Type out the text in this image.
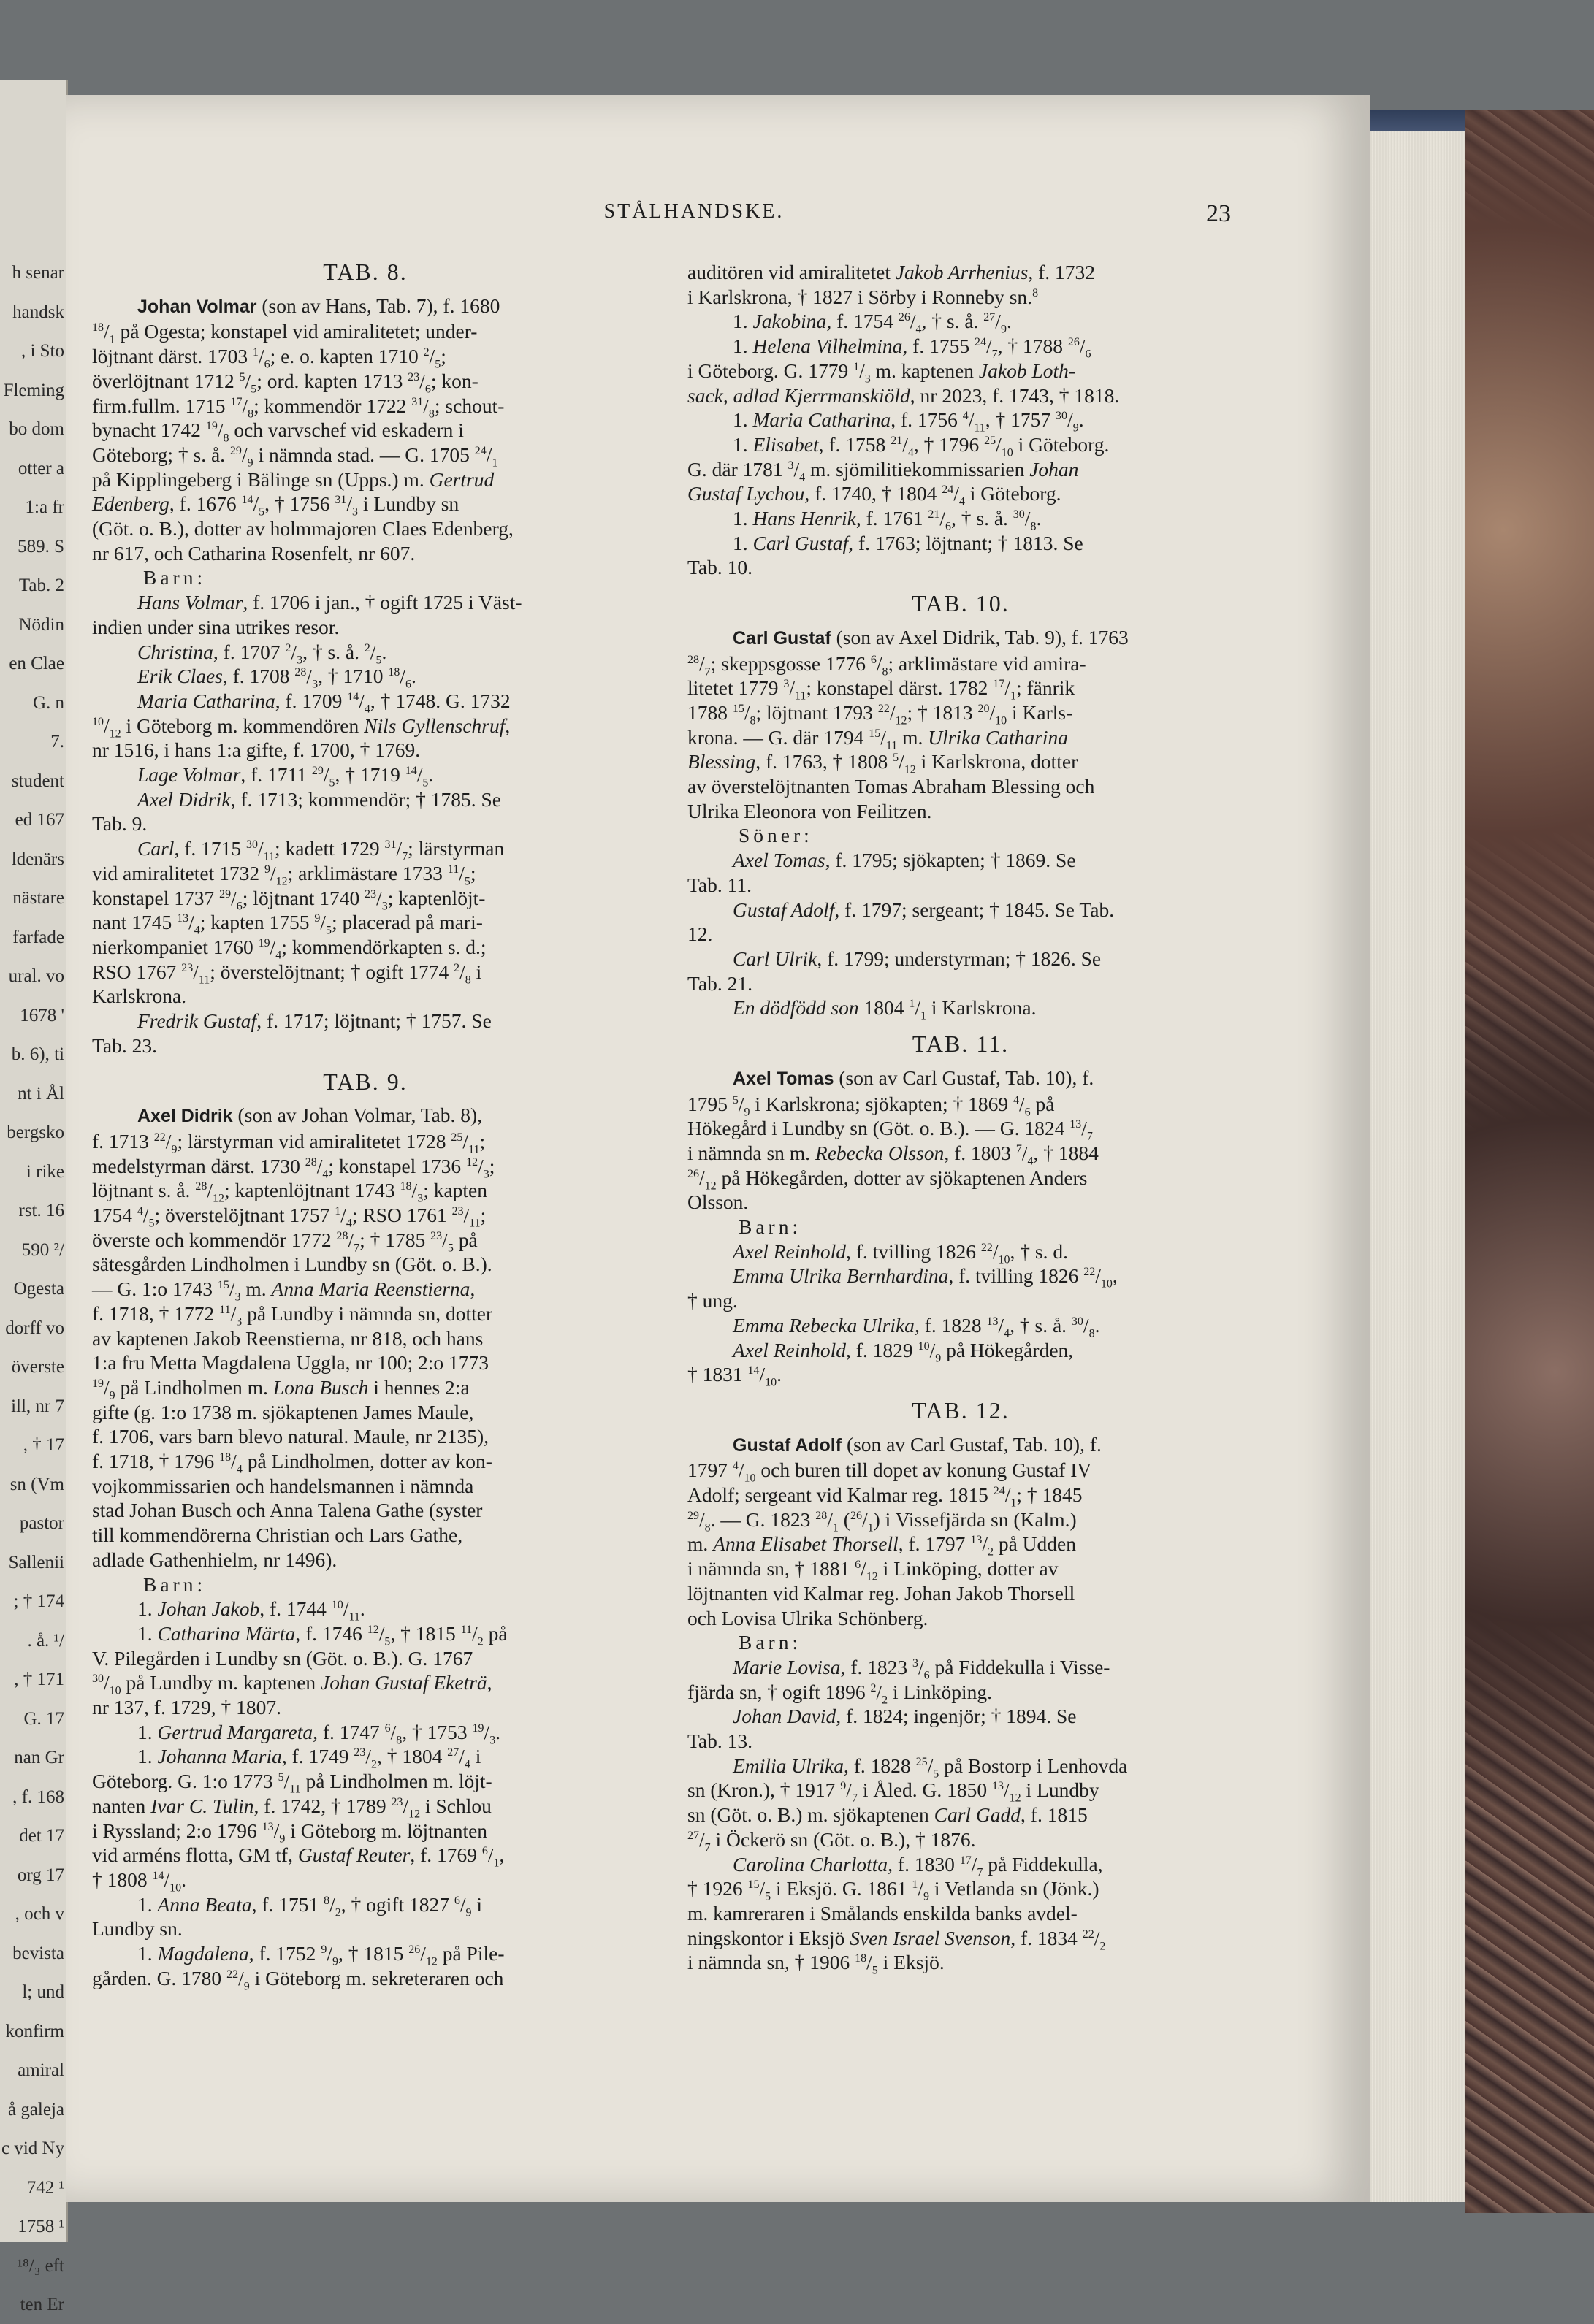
h senar
handsk
, i Sto
Fleming
bo dom
otter a
1:a fr
589. S
Tab. 2
Nödin
en Clae
G. n
7.
student
ed 167
ldenärs
nästare
farfade
ural. vo
1678 '
b. 6), ti
nt i Ål
bergsko
i rike
rst. 16
590 ²/
Ogesta
dorff vo
överste
ill, nr 7
, † 17
sn (Vm
pastor
Sallenii
; † 174
. å. ¹/
, † 171
G. 17
nan Gr
, f. 168
det 17
org 17
, och v
bevista
l; und
konfirm
amiral
å galeja
c vid Ny
742 ¹
1758 ¹
¹⁸/₃ eft
ten Er
STÅLHANDSKE.	23
TAB. 8.

Johan Volmar (son av Hans, Tab. 7), f. 1680
$^{18}/_1$ på Ogesta; konstapel vid amiralitetet; under-
löjtnant därst. 1703 $^1/_6$; e. o. kapten 1710 $^2/_5$;
överlöjtnant 1712 $^5/_5$; ord. kapten 1713 $^{23}/_6$; kon-
firm.fullm. 1715 $^{17}/_8$; kommendör 1722 $^{31}/_8$; schout-
bynacht 1742 $^{19}/_8$ och varvschef vid eskadern i
Göteborg; † s. å. $^{29}/_9$ i nämnda stad. — G. 1705 $^{24}/_1$
på Kipplingeberg i Bälinge sn (Upps.) m. Gertrud
Edenberg, f. 1676 $^{14}/_5$, † 1756 $^{31}/_3$ i Lundby sn
(Göt. o. B.), dotter av holmmajoren Claes Edenberg,
nr 617, och Catharina Rosenfelt, nr 607.

Barn:

Hans Volmar, f. 1706 i jan., † ogift 1725 i Väst-
indien under sina utrikes resor.

Christina, f. 1707 $^2/_3$, † s. å. $^2/_5$.

Erik Claes, f. 1708 $^{28}/_3$, † 1710 $^{18}/_6$.

Maria Catharina, f. 1709 $^{14}/_4$, † 1748. G. 1732
$^{10}/_{12}$ i Göteborg m. kommendören Nils Gyllenschruf,
nr 1516, i hans 1:a gifte, f. 1700, † 1769.

Lage Volmar, f. 1711 $^{29}/_5$, † 1719 $^{14}/_5$.

Axel Didrik, f. 1713; kommendör; † 1785. Se
Tab. 9.

Carl, f. 1715 $^{30}/_{11}$; kadett 1729 $^{31}/_7$; lärstyrman
vid amiralitetet 1732 $^9/_{12}$; arklimästare 1733 $^{11}/_5$;
konstapel 1737 $^{29}/_6$; löjtnant 1740 $^{23}/_3$; kaptenlöjt-
nant 1745 $^{13}/_4$; kapten 1755 $^9/_5$; placerad på mari-
nierkompaniet 1760 $^{19}/_4$; kommendörkapten s. d.;
RSO 1767 $^{23}/_{11}$; överstelöjtnant; † ogift 1774 $^2/_8$ i
Karlskrona.

Fredrik Gustaf, f. 1717; löjtnant; † 1757. Se
Tab. 23.

TAB. 9.

Axel Didrik (son av Johan Volmar, Tab. 8),
f. 1713 $^{22}/_9$; lärstyrman vid amiralitetet 1728 $^{25}/_{11}$;
medelstyrman därst. 1730 $^{28}/_4$; konstapel 1736 $^{12}/_3$;
löjtnant s. å. $^{28}/_{12}$; kaptenlöjtnant 1743 $^{18}/_3$; kapten
1754 $^4/_5$; överstelöjtnant 1757 $^1/_4$; RSO 1761 $^{23}/_{11}$;
överste och kommendör 1772 $^{28}/_7$; † 1785 $^{23}/_5$ på
sätesgården Lindholmen i Lundby sn (Göt. o. B.).
— G. 1:o 1743 $^{15}/_3$ m. Anna Maria Reenstierna,
f. 1718, † 1772 $^{11}/_3$ på Lundby i nämnda sn, dotter
av kaptenen Jakob Reenstierna, nr 818, och hans
1:a fru Metta Magdalena Uggla, nr 100; 2:o 1773
$^{19}/_9$ på Lindholmen m. Lona Busch i hennes 2:a
gifte (g. 1:o 1738 m. sjökaptenen James Maule,
f. 1706, vars barn blevo natural. Maule, nr 2135),
f. 1718, † 1796 $^{18}/_4$ på Lindholmen, dotter av kon-
vojkommissarien och handelsmannen i nämnda
stad Johan Busch och Anna Talena Gathe (syster
till kommendörerna Christian och Lars Gathe,
adlade Gathenhielm, nr 1496).

Barn:

1. Johan Jakob, f. 1744 $^{10}/_{11}$.

1. Catharina Märta, f. 1746 $^{12}/_5$, † 1815 $^{11}/_2$ på
V. Pilegården i Lundby sn (Göt. o. B.). G. 1767
$^{30}/_{10}$ på Lundby m. kaptenen Johan Gustaf Eketrä,
nr 137, f. 1729, † 1807.

1. Gertrud Margareta, f. 1747 $^6/_8$, † 1753 $^{19}/_3$.

1. Johanna Maria, f. 1749 $^{23}/_2$, † 1804 $^{27}/_4$ i
Göteborg. G. 1:o 1773 $^5/_{11}$ på Lindholmen m. löjt-
nanten Ivar C. Tulin, f. 1742, † 1789 $^{23}/_{12}$ i Schlou
i Ryssland; 2:o 1796 $^{13}/_9$ i Göteborg m. löjtnanten
vid arméns flotta, GM tf, Gustaf Reuter, f. 1769 $^6/_1$,
† 1808 $^{14}/_{10}$.

1. Anna Beata, f. 1751 $^8/_2$, † ogift 1827 $^6/_9$ i
Lundby sn.

1. Magdalena, f. 1752 $^9/_9$, † 1815 $^{26}/_{12}$ på Pile-
gården. G. 1780 $^{22}/_9$ i Göteborg m. sekreteraren och

auditören vid amiralitetet Jakob Arrhenius, f. 1732
i Karlskrona, † 1827 i Sörby i Ronneby sn.$^8$

1. Jakobina, f. 1754 $^{26}/_4$, † s. å. $^{27}/_9$.

1. Helena Vilhelmina, f. 1755 $^{24}/_7$, † 1788 $^{26}/_6$
i Göteborg. G. 1779 $^1/_3$ m. kaptenen Jakob Loth-
sack, adlad Kjerrmanskiöld, nr 2023, f. 1743, † 1818.

1. Maria Catharina, f. 1756 $^4/_{11}$, † 1757 $^{30}/_9$.

1. Elisabet, f. 1758 $^{21}/_4$, † 1796 $^{25}/_{10}$ i Göteborg.
G. där 1781 $^3/_4$ m. sjömilitiekommissarien Johan
Gustaf Lychou, f. 1740, † 1804 $^{24}/_4$ i Göteborg.

1. Hans Henrik, f. 1761 $^{21}/_6$, † s. å. $^{30}/_8$.

1. Carl Gustaf, f. 1763; löjtnant; † 1813. Se
Tab. 10.

TAB. 10.

Carl Gustaf (son av Axel Didrik, Tab. 9), f. 1763
$^{28}/_7$; skeppsgosse 1776 $^6/_8$; arklimästare vid amira-
litetet 1779 $^3/_{11}$; konstapel därst. 1782 $^{17}/_1$; fänrik
1788 $^{15}/_8$; löjtnant 1793 $^{22}/_{12}$; † 1813 $^{20}/_{10}$ i Karls-
krona. — G. där 1794 $^{15}/_{11}$ m. Ulrika Catharina
Blessing, f. 1763, † 1808 $^5/_{12}$ i Karlskrona, dotter
av överstelöjtnanten Tomas Abraham Blessing och
Ulrika Eleonora von Feilitzen.

Söner:

Axel Tomas, f. 1795; sjökapten; † 1869. Se
Tab. 11.

Gustaf Adolf, f. 1797; sergeant; † 1845. Se Tab.
12.

Carl Ulrik, f. 1799; understyrman; † 1826. Se
Tab. 21.

En dödfödd son 1804 $^1/_1$ i Karlskrona.

TAB. 11.

Axel Tomas (son av Carl Gustaf, Tab. 10), f.
1795 $^5/_9$ i Karlskrona; sjökapten; † 1869 $^4/_6$ på
Hökegård i Lundby sn (Göt. o. B.). — G. 1824 $^{13}/_7$
i nämnda sn m. Rebecka Olsson, f. 1803 $^7/_4$, † 1884
$^{26}/_{12}$ på Hökegården, dotter av sjökaptenen Anders
Olsson.

Barn:

Axel Reinhold, f. tvilling 1826 $^{22}/_{10}$, † s. d.

Emma Ulrika Bernhardina, f. tvilling 1826 $^{22}/_{10}$,
† ung.

Emma Rebecka Ulrika, f. 1828 $^{13}/_4$, † s. å. $^{30}/_8$.

Axel Reinhold, f. 1829 $^{10}/_9$ på Hökegården,
† 1831 $^{14}/_{10}$.

TAB. 12.

Gustaf Adolf (son av Carl Gustaf, Tab. 10), f.
1797 $^4/_{10}$ och buren till dopet av konung Gustaf IV
Adolf; sergeant vid Kalmar reg. 1815 $^{24}/_1$; † 1845
$^{29}/_8$. — G. 1823 $^{28}/_1$ $(^{26}/_1)$ i Vissefjärda sn (Kalm.)
m. Anna Elisabet Thorsell, f. 1797 $^{13}/_2$ på Udden
i nämnda sn, † 1881 $^6/_{12}$ i Linköping, dotter av
löjtnanten vid Kalmar reg. Johan Jakob Thorsell
och Lovisa Ulrika Schönberg.

Barn:

Marie Lovisa, f. 1823 $^3/_6$ på Fiddekulla i Visse-
fjärda sn, † ogift 1896 $^2/_2$ i Linköping.

Johan David, f. 1824; ingenjör; † 1894. Se
Tab. 13.

Emilia Ulrika, f. 1828 $^{25}/_5$ på Bostorp i Lenhovda
sn (Kron.), † 1917 $^9/_7$ i Åled. G. 1850 $^{13}/_{12}$ i Lundby
sn (Göt. o. B.) m. sjökaptenen Carl Gadd, f. 1815
$^{27}/_7$ i Öckerö sn (Göt. o. B.), † 1876.

Carolina Charlotta, f. 1830 $^{17}/_7$ på Fiddekulla,
† 1926 $^{15}/_5$ i Eksjö. G. 1861 $^1/_9$ i Vetlanda sn (Jönk.)
m. kamreraren i Smålands enskilda banks avdel-
ningskontor i Eksjö Sven Israel Svenson, f. 1834 $^{22}/_2$
i nämnda sn, † 1906 $^{18}/_5$ i Eksjö.
